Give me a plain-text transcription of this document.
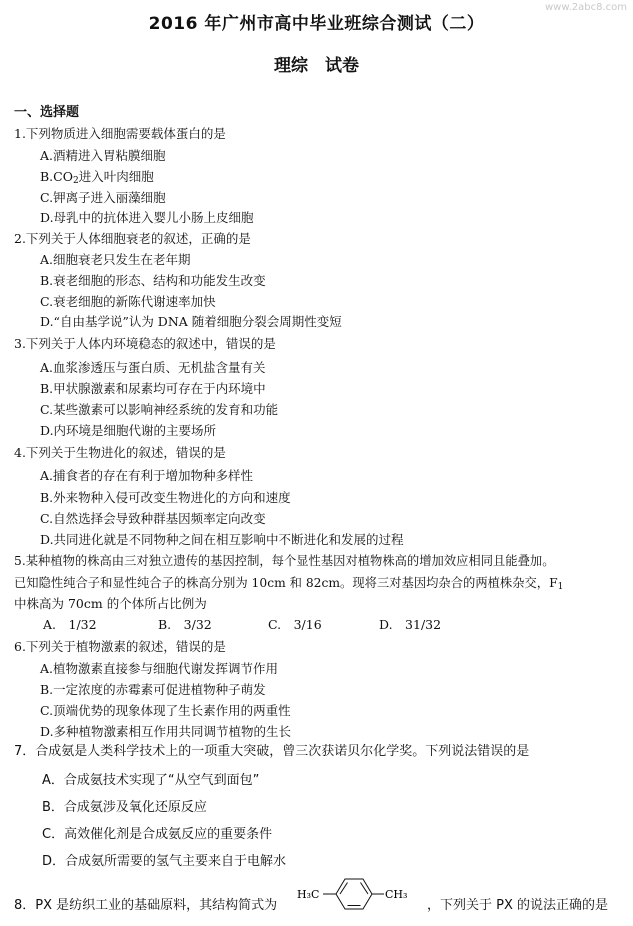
www.2abc8.com
2016 年广州市高中毕业班综合测试（二）
理综　试卷
一、选择题
1.下列物质进入细胞需要载体蛋白的是
A.酒精进入胃粘膜细胞
$B.CO_2$进入叶肉细胞
C.钾离子进入丽藻细胞
D.母乳中的抗体进入婴儿小肠上皮细胞
2.下列关于人体细胞衰老的叙述，正确的是
A.细胞衰老只发生在老年期
B.衰老细胞的形态、结构和功能发生改变
C.衰老细胞的新陈代谢速率加快
D.“自由基学说”认为 DNA 随着细胞分裂会周期性变短
3.下列关于人体内环境稳态的叙述中，错误的是
A.血浆渗透压与蛋白质、无机盐含量有关
B.甲状腺激素和尿素均可存在于内环境中
C.某些激素可以影响神经系统的发育和功能
D.内环境是细胞代谢的主要场所
4.下列关于生物进化的叙述，错误的是
A.捕食者的存在有利于增加物种多样性
B.外来物种入侵可改变生物进化的方向和速度
C.自然选择会导致种群基因频率定向改变
D.共同进化就是不同物种之间在相互影响中不断进化和发展的过程
5.某种植物的株高由三对独立遗传的基因控制，每个显性基因对植物株高的增加效应相同且能叠加。
已知隐性纯合子和显性纯合子的株高分别为 10cm 和 82cm。现将三对基因均杂合的两植株杂交，$F_1$
中株高为 70cm 的个体所占比例为
A.　1/32	B.　3/32	C.　3/16	D.　31/32
6.下列关于植物激素的叙述，错误的是
A.植物激素直接参与细胞代谢发挥调节作用
B.一定浓度的赤霉素可促进植物种子萌发
C.顶端优势的现象体现了生长素作用的两重性
D.多种植物激素相互作用共同调节植物的生长
7．合成氨是人类科学技术上的一项重大突破，曾三次获诺贝尔化学奖。下列说法错误的是
A．合成氨技术实现了“从空气到面包”
B．合成氨涉及氧化还原反应
C．高效催化剂是合成氨反应的重要条件
D．合成氨所需要的氢气主要来自于电解水
8．PX 是纺织工业的基础原料，其结构简式为
H₃C	CH₃
，下列关于 PX 的说法正确的是
